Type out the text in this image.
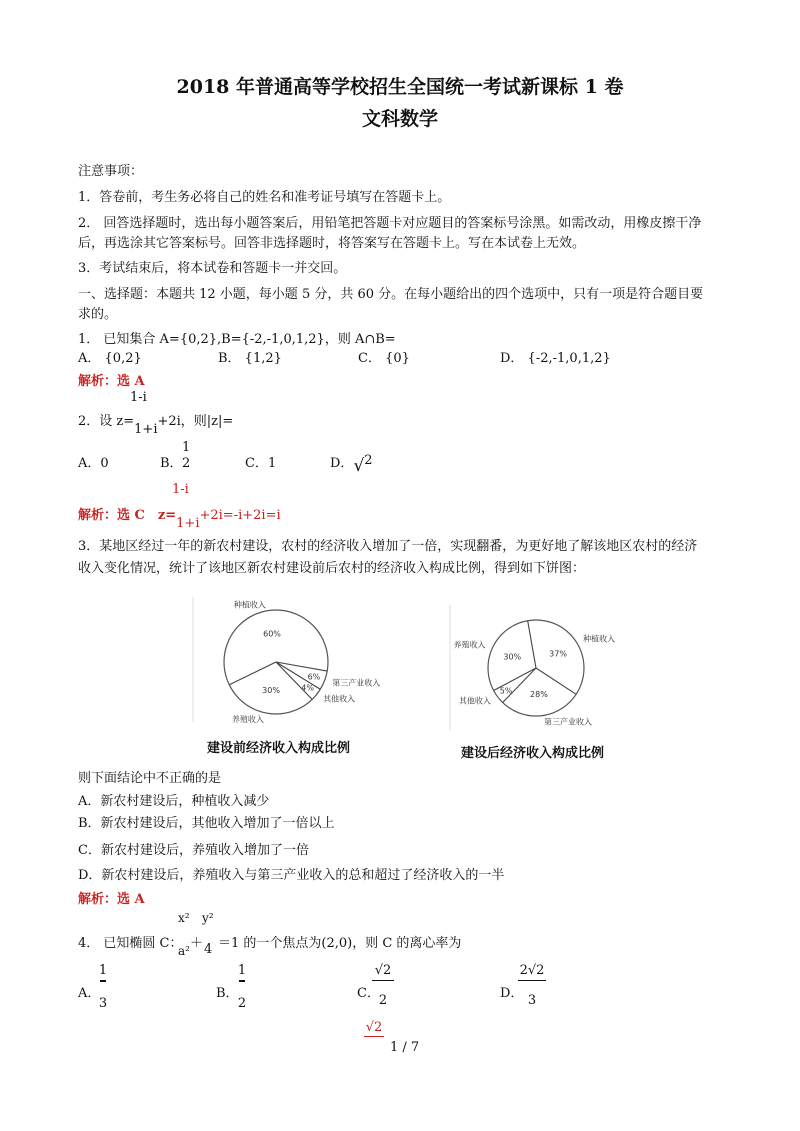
2018 年普通高等学校招生全国统一考试新课标 1 卷
文科数学
注意事项：
1．答卷前，考生务必将自己的姓名和准考证号填写在答题卡上。
2． 回答选择题时，选出每小题答案后，用铅笔把答题卡对应题目的答案标号涂黑。如需改动，用橡皮擦干净
后，再选涂其它答案标号。回答非选择题时，将答案写在答题卡上。写在本试卷上无效。
3．考试结束后，将本试卷和答题卡一并交回。
一、选择题：本题共 12 小题，每小题 5 分，共 60 分。在每小题给出的四个选项中，只有一项是符合题目要
求的。
1． 已知集合 A={0,2},B={-2,-1,0,1,2}，则 A∩B=
A． {0,2}	B． {1,2}	C． {0}	D． {-2,-1,0,1,2}
解析：选 A
1-i
2．设 z=1+i+2i，则|z|=
A．0	B．
1
2	C．1	D．√2
1-i
解析：选 C　z=1+i+2i=-i+2i=i
3．某地区经过一年的新农村建设，农村的经济收入增加了一倍，实现翻番，为更好地了解该地区农村的经济
收入变化情况，统计了该地区新农村建设前后农村的经济收入构成比例，得到如下饼图：
60%
种植收入
6%
第三产业收入
4%
其他收入
30%
养殖收入
37%
种植收入
28%
第三产业收入
5%
其他收入
30%
养殖收入
建设前经济收入构成比例	建设后经济收入构成比例
则下面结论中不正确的是
A．新农村建设后，种植收入减少
B．新农村建设后，其他收入增加了一倍以上
C．新农村建设后，养殖收入增加了一倍
D．新农村建设后，养殖收入与第三产业收入的总和超过了经济收入的一半
解析：选 A
x² y²
4． 已知椭圆 C：
a² ＋ 4 ＝1 的一个焦点为(2,0)，则 C 的离心率为
A．
1
3
B．
1
2
C．
√2
2	D．
2√2
3
√2
1 / 7
